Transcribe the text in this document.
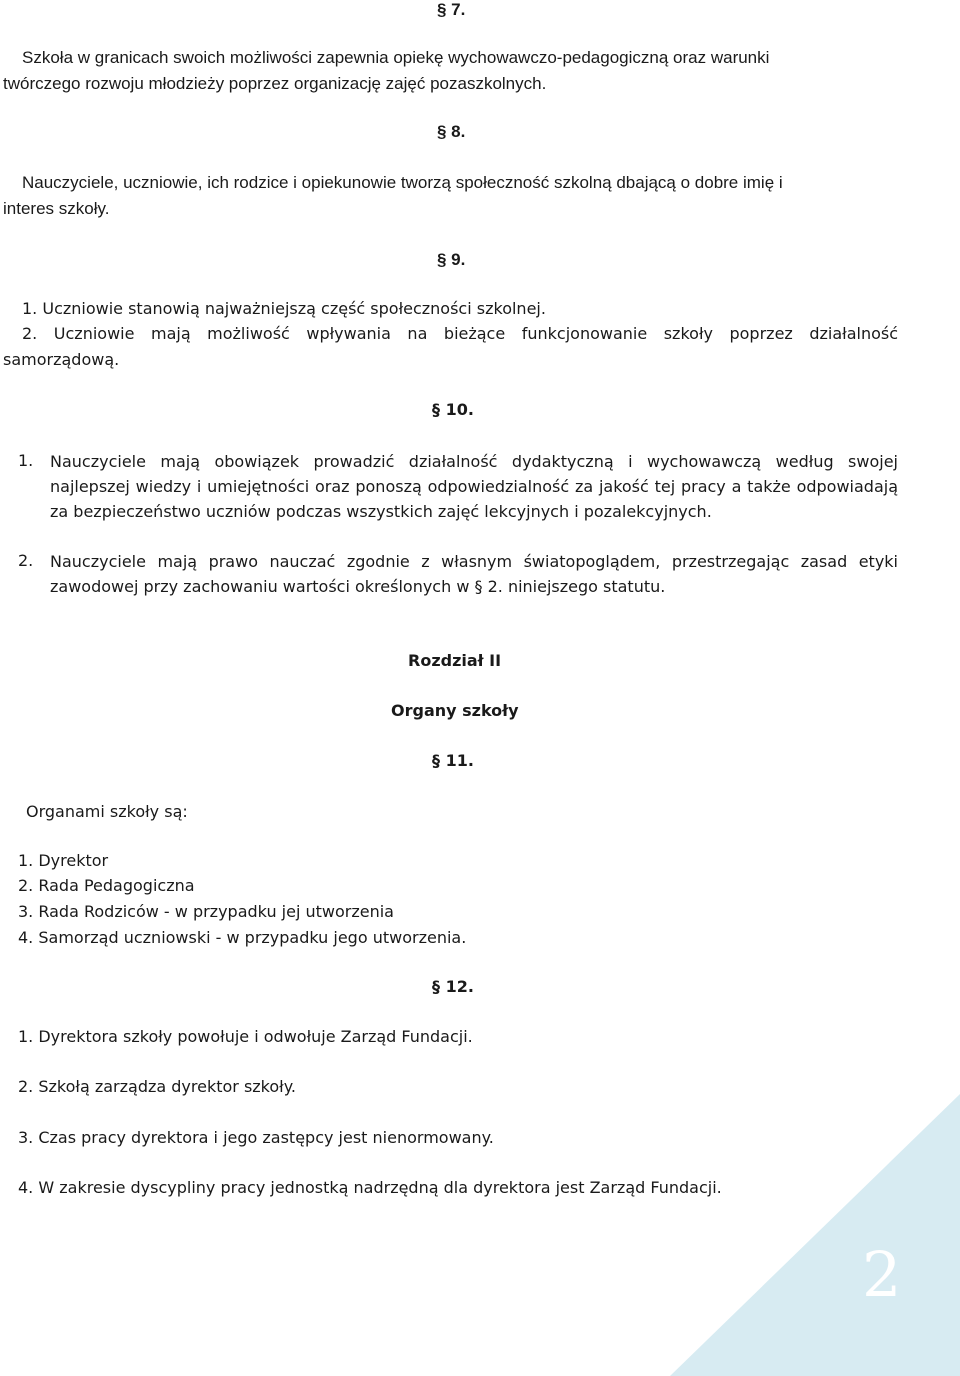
§ 7.
Szkoła w granicach swoich możliwości zapewnia opiekę wychowawczo-pedagogiczną oraz warunki
twórczego rozwoju młodzieży poprzez organizację zajęć pozaszkolnych.
§ 8.
Nauczyciele, uczniowie, ich rodzice i opiekunowie tworzą społeczność szkolną dbającą o dobre imię i
interes szkoły.
§ 9.
1. Uczniowie stanowią najważniejszą część społeczności szkolnej.
2. Uczniowie mają możliwość wpływania na bieżące funkcjonowanie szkoły poprzez działalność
samorządową.
§ 10.
1. Nauczyciele mają obowiązek prowadzić działalność dydaktyczną i wychowawczą według swojej najlepszej wiedzy i umiejętności oraz ponoszą odpowiedzialność za jakość tej pracy a także odpowiadają za bezpieczeństwo uczniów podczas wszystkich zajęć lekcyjnych i pozalekcyjnych.
2. Nauczyciele mają prawo nauczać zgodnie z własnym światopoglądem, przestrzegając zasad etyki zawodowej przy zachowaniu wartości określonych w § 2. niniejszego statutu.
Rozdział II
Organy szkoły
§ 11.
Organami szkoły są:
1. Dyrektor
2. Rada Pedagogiczna
3. Rada Rodziców - w przypadku jej utworzenia
4. Samorząd uczniowski - w przypadku jego utworzenia.
§ 12.
1. Dyrektora szkoły powołuje i odwołuje Zarząd Fundacji.
2. Szkołą zarządza dyrektor szkoły.
3. Czas pracy dyrektora i jego zastępcy jest nienormowany.
4. W zakresie dyscypliny pracy jednostką nadrzędną dla dyrektora jest Zarząd Fundacji.
2
